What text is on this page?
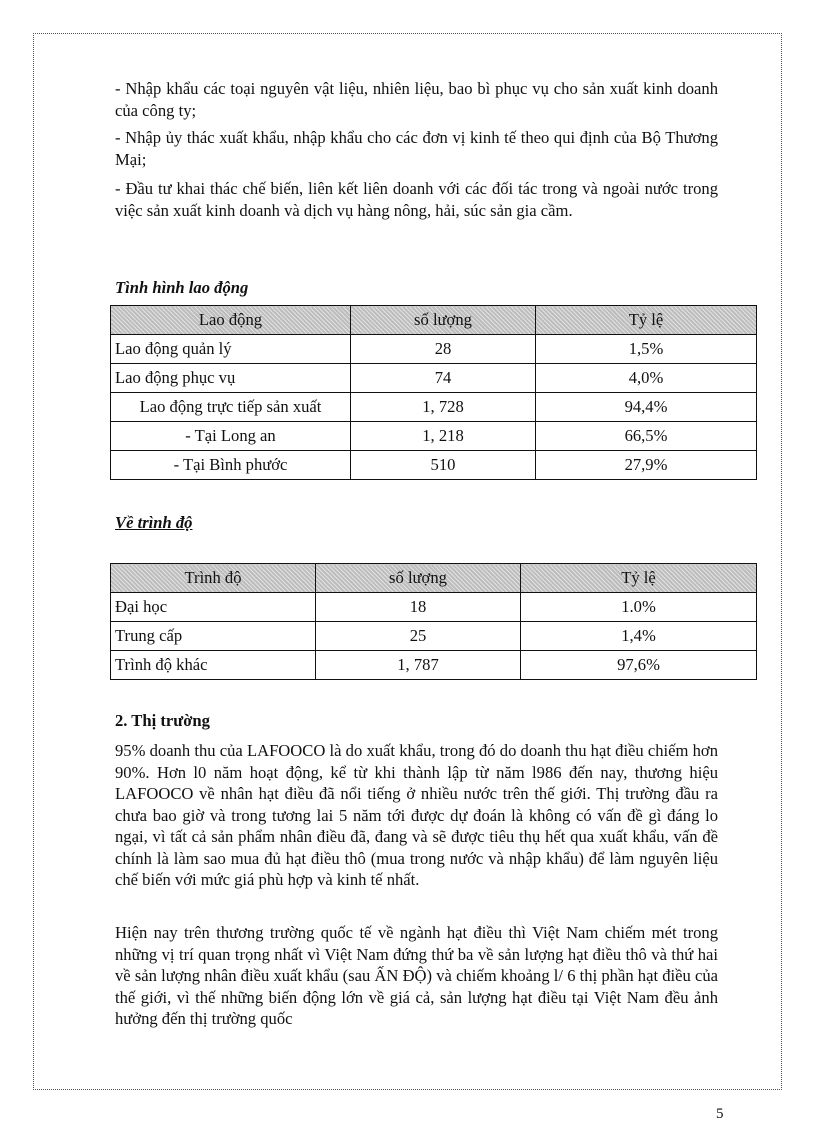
- Nhập khẩu các toại nguyên vật liệu, nhiên liệu, bao bì phục vụ cho sản xuất kinh doanh của công ty;

- Nhập ủy thác xuất khẩu, nhập khẩu cho các đơn vị kinh tế theo qui định của Bộ Thương Mại;

- Đầu tư khai thác chế biến, liên kết liên doanh với các đối tác trong và ngoài nước trong việc sản xuất kinh doanh và dịch vụ hàng nông, hải, súc sản gia cầm.

Tình hình lao động

Lao động	số lượng	Tỷ lệ
Lao động quản lý	28	1,5%
Lao động phục vụ	74	4,0%
Lao động trực tiếp sản xuất	1, 728	94,4%
- Tại Long an	1, 218	66,5%
- Tại Bình phước	510	27,9%

Về trình độ

Trình độ	số lượng	Tỷ lệ
Đại học	18	1.0%
Trung cấp	25	1,4%
Trình độ khác	1, 787	97,6%

2. Thị trường

95% doanh thu của LAFOOCO là do xuất khẩu, trong đó do doanh thu hạt điều chiếm hơn 90%. Hơn l0 năm hoạt động, kể từ khi thành lập từ năm l986 đến nay, thương hiệu LAFOOCO về nhân hạt điều đã nổi tiếng ở nhiều nước trên thế giới. Thị trường đầu ra chưa bao giờ và trong tương lai 5 năm tới được dự đoán là không có vấn đề gì đáng lo ngại, vì tất cả sản phẩm nhân điều đã, đang và sẽ được tiêu thụ hết qua xuất khẩu, vấn đề chính là làm sao mua đủ hạt điều thô (mua trong nước và nhập khẩu) để làm nguyên liệu chế biến với mức giá phù hợp và kinh tế nhất.

Hiện nay trên thương trường quốc tế về ngành hạt điều thì Việt Nam chiếm mét trong những vị trí quan trọng nhất vì Việt Nam đứng thứ ba về sản lượng hạt điều thô và thứ hai về sản lượng nhân điều xuất khẩu (sau ẤN ĐỘ) và chiếm khoảng l/ 6 thị phần hạt điều của thế giới, vì thế những biến động lớn về giá cả, sản lượng hạt điều tại Việt Nam đều ảnh hưởng đến thị trường quốc

5
